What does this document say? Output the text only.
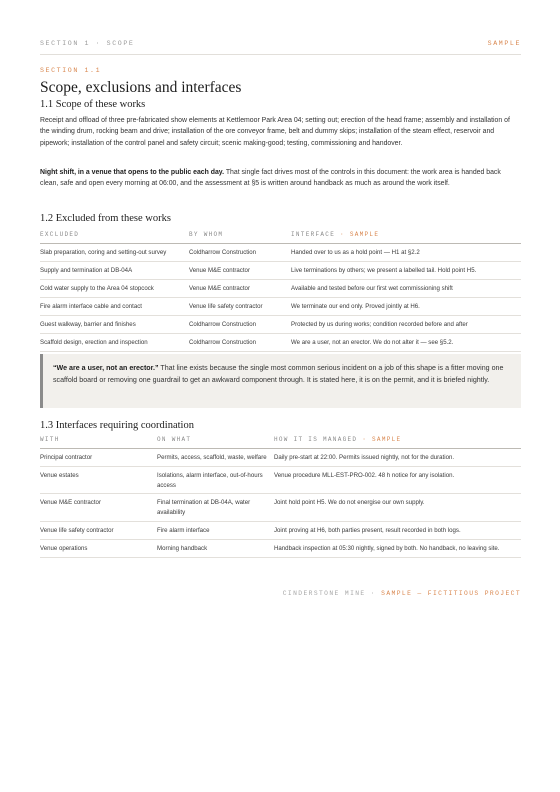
SECTION 1 · SCOPE	SAMPLE
SECTION 1.1
Scope, exclusions and interfaces
1.1 Scope of these works

Receipt and offload of three pre-fabricated show elements at Kettlemoor Park Area 04; setting out; erection of the head frame; assembly and installation of the winding drum, rocking beam and drive; installation of the ore conveyor frame, belt and dummy skips; installation of the steam effect, reservoir and pipework; installation of the control panel and safety circuit; scenic making-good; testing, commissioning and handover.

Night shift, in a venue that opens to the public each day. That single fact drives most of the controls in this document: the work area is handed back clean, safe and open every morning at 06:00, and the assessment at §5 is written around handback as much as around the work itself.

1.2 Excluded from these works
EXCLUDED	BY WHOM	INTERFACE · SAMPLE
Slab preparation, coring and setting-out survey	Coldharrow Construction	Handed over to us as a hold point — H1 at §2.2
Supply and termination at DB-04A	Venue M&E contractor	Live terminations by others; we present a labelled tail. Hold point H5.
Cold water supply to the Area 04 stopcock	Venue M&E contractor	Available and tested before our first wet commissioning shift
Fire alarm interface cable and contact	Venue life safety contractor	We terminate our end only. Proved jointly at H6.
Guest walkway, barrier and finishes	Coldharrow Construction	Protected by us during works; condition recorded before and after
Scaffold design, erection and inspection	Coldharrow Construction	We are a user, not an erector. We do not alter it — see §5.2.

“We are a user, not an erector.” That line exists because the single most common serious incident on a job of this shape is a fitter moving one scaffold board or removing one guardrail to get an awkward component through. It is stated here, it is on the permit, and it is briefed nightly.

1.3 Interfaces requiring coordination
WITH	ON WHAT	HOW IT IS MANAGED · SAMPLE
Principal contractor	Permits, access, scaffold, waste, welfare	Daily pre-start at 22:00. Permits issued nightly, not for the duration.
Venue estates	Isolations, alarm interface, out-of-hours access	Venue procedure MLL-EST-PRO-002. 48 h notice for any isolation.
Venue M&E contractor	Final termination at DB-04A, water availability	Joint hold point H5. We do not energise our own supply.
Venue life safety contractor	Fire alarm interface	Joint proving at H6, both parties present, result recorded in both logs.
Venue operations	Morning handback	Handback inspection at 05:30 nightly, signed by both. No handback, no leaving site.
CINDERSTONE MINE · SAMPLE — FICTITIOUS PROJECT
